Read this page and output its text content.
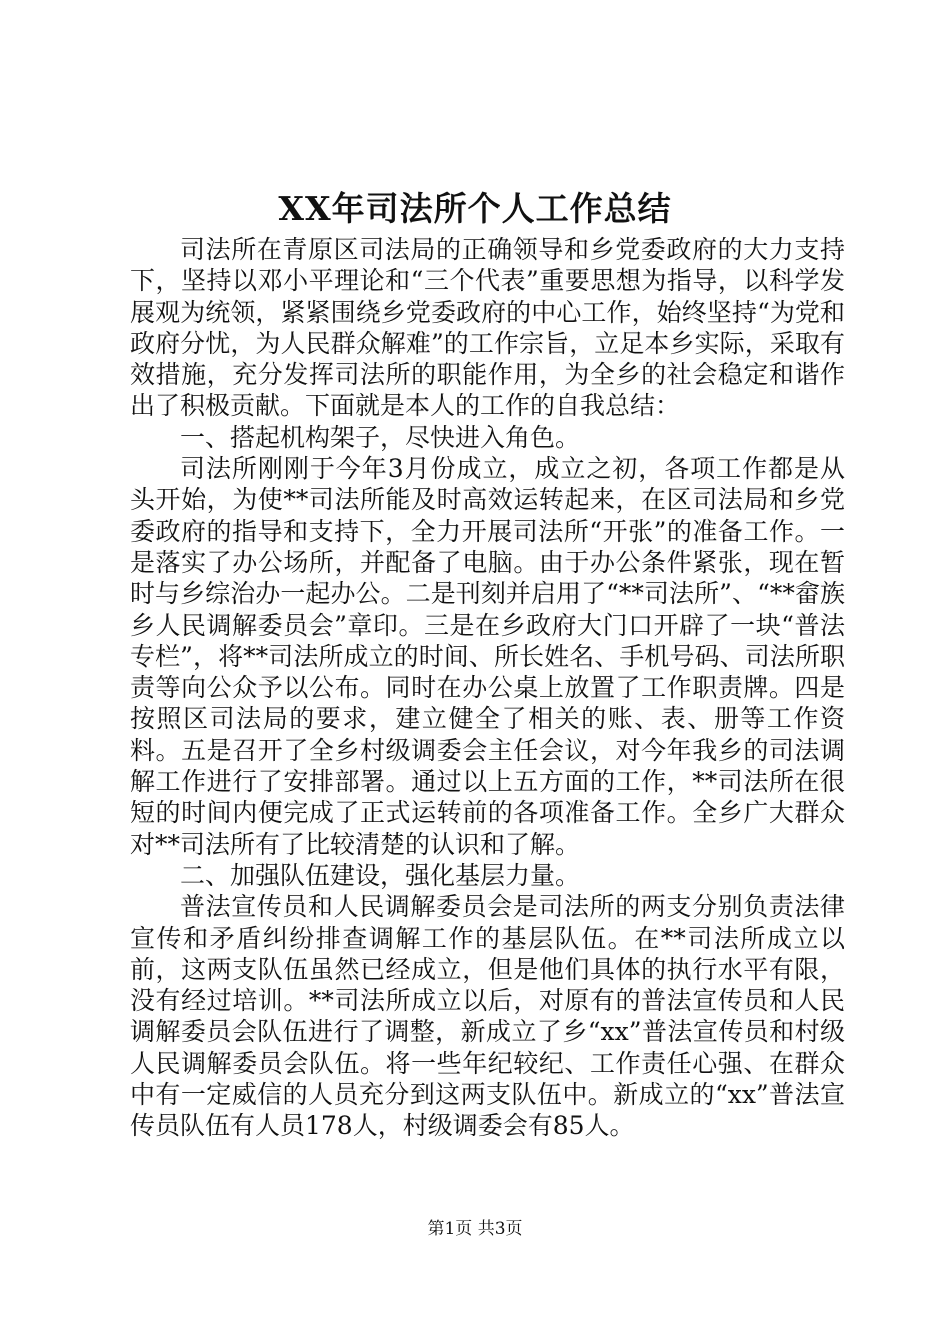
XX年司法所个人工作总结

司法所在青原区司法局的正确领导和乡党委政府的大力支持下，坚持以邓小平理论和“三个代表”重要思想为指导，以科学发展观为统领，紧紧围绕乡党委政府的中心工作，始终坚持“为党和政府分忧，为人民群众解难”的工作宗旨，立足本乡实际，采取有效措施，充分发挥司法所的职能作用，为全乡的社会稳定和谐作出了积极贡献。下面就是本人的工作的自我总结：

一、搭起机构架子，尽快进入角色。

司法所刚刚于今年3月份成立，成立之初，各项工作都是从头开始，为使**司法所能及时高效运转起来，在区司法局和乡党委政府的指导和支持下，全力开展司法所“开张”的准备工作。一是落实了办公场所，并配备了电脑。由于办公条件紧张，现在暂时与乡综治办一起办公。二是刊刻并启用了“**司法所”、“**畲族乡人民调解委员会”章印。三是在乡政府大门口开辟了一块“普法专栏”，将**司法所成立的时间、所长姓名、手机号码、司法所职责等向公众予以公布。同时在办公桌上放置了工作职责牌。四是按照区司法局的要求，建立健全了相关的账、表、册等工作资料。五是召开了全乡村级调委会主任会议，对今年我乡的司法调解工作进行了安排部署。通过以上五方面的工作，**司法所在很短的时间内便完成了正式运转前的各项准备工作。全乡广大群众对**司法所有了比较清楚的认识和了解。

二、加强队伍建设，强化基层力量。

普法宣传员和人民调解委员会是司法所的两支分别负责法律宣传和矛盾纠纷排查调解工作的基层队伍。在**司法所成立以前，这两支队伍虽然已经成立，但是他们具体的执行水平有限，没有经过培训。**司法所成立以后，对原有的普法宣传员和人民调解委员会队伍进行了调整，新成立了乡“xx”普法宣传员和村级人民调解委员会队伍。将一些年纪较纪、工作责任心强、在群众中有一定威信的人员充分到这两支队伍中。新成立的“xx”普法宣传员队伍有人员178人，村级调委会有85人。

第1页 共3页
